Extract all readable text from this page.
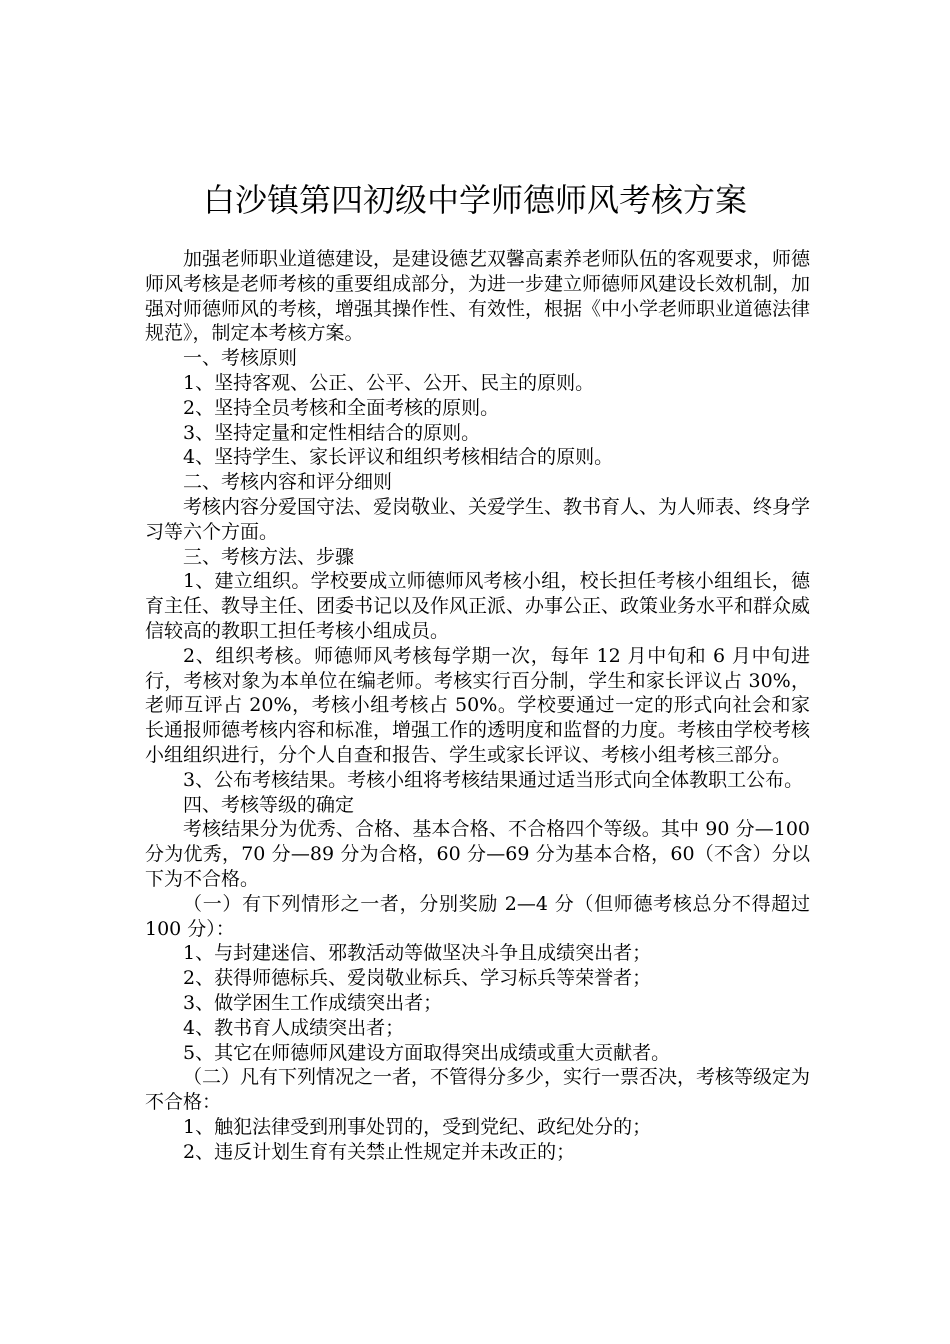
白沙镇第四初级中学师德师风考核方案

加强老师职业道德建设，是建设德艺双馨高素养老师队伍的客观要求，师德师风考核是老师考核的重要组成部分，为进一步建立师德师风建设长效机制，加强对师德师风的考核，增强其操作性、有效性，根据《中小学老师职业道德法律规范》，制定本考核方案。

一、考核原则

1、坚持客观、公正、公平、公开、民主的原则。

2、坚持全员考核和全面考核的原则。

3、坚持定量和定性相结合的原则。

4、坚持学生、家长评议和组织考核相结合的原则。

二、考核内容和评分细则

考核内容分爱国守法、爱岗敬业、关爱学生、教书育人、为人师表、终身学习等六个方面。

三、考核方法、步骤

1、建立组织。学校要成立师德师风考核小组，校长担任考核小组组长，德育主任、教导主任、团委书记以及作风正派、办事公正、政策业务水平和群众威信较高的教职工担任考核小组成员。

2、组织考核。师德师风考核每学期一次，每年 12 月中旬和 6 月中旬进行，考核对象为本单位在编老师。考核实行百分制，学生和家长评议占 30%，老师互评占 20%，考核小组考核占 50%。学校要通过一定的形式向社会和家长通报师德考核内容和标准，增强工作的透明度和监督的力度。考核由学校考核小组组织进行，分个人自查和报告、学生或家长评议、考核小组考核三部分。

3、公布考核结果。考核小组将考核结果通过适当形式向全体教职工公布。

四、考核等级的确定

考核结果分为优秀、合格、基本合格、不合格四个等级。其中 90 分—100 分为优秀，70 分—89 分为合格，60 分—69 分为基本合格，60（不含）分以下为不合格。

（一）有下列情形之一者，分别奖励 2—4 分（但师德考核总分不得超过 100 分）：

1、与封建迷信、邪教活动等做坚决斗争且成绩突出者；

2、获得师德标兵、爱岗敬业标兵、学习标兵等荣誉者；

3、做学困生工作成绩突出者；

4、教书育人成绩突出者；

5、其它在师德师风建设方面取得突出成绩或重大贡献者。

（二）凡有下列情况之一者，不管得分多少，实行一票否决，考核等级定为不合格：

1、触犯法律受到刑事处罚的，受到党纪、政纪处分的；

2、违反计划生育有关禁止性规定并未改正的；
